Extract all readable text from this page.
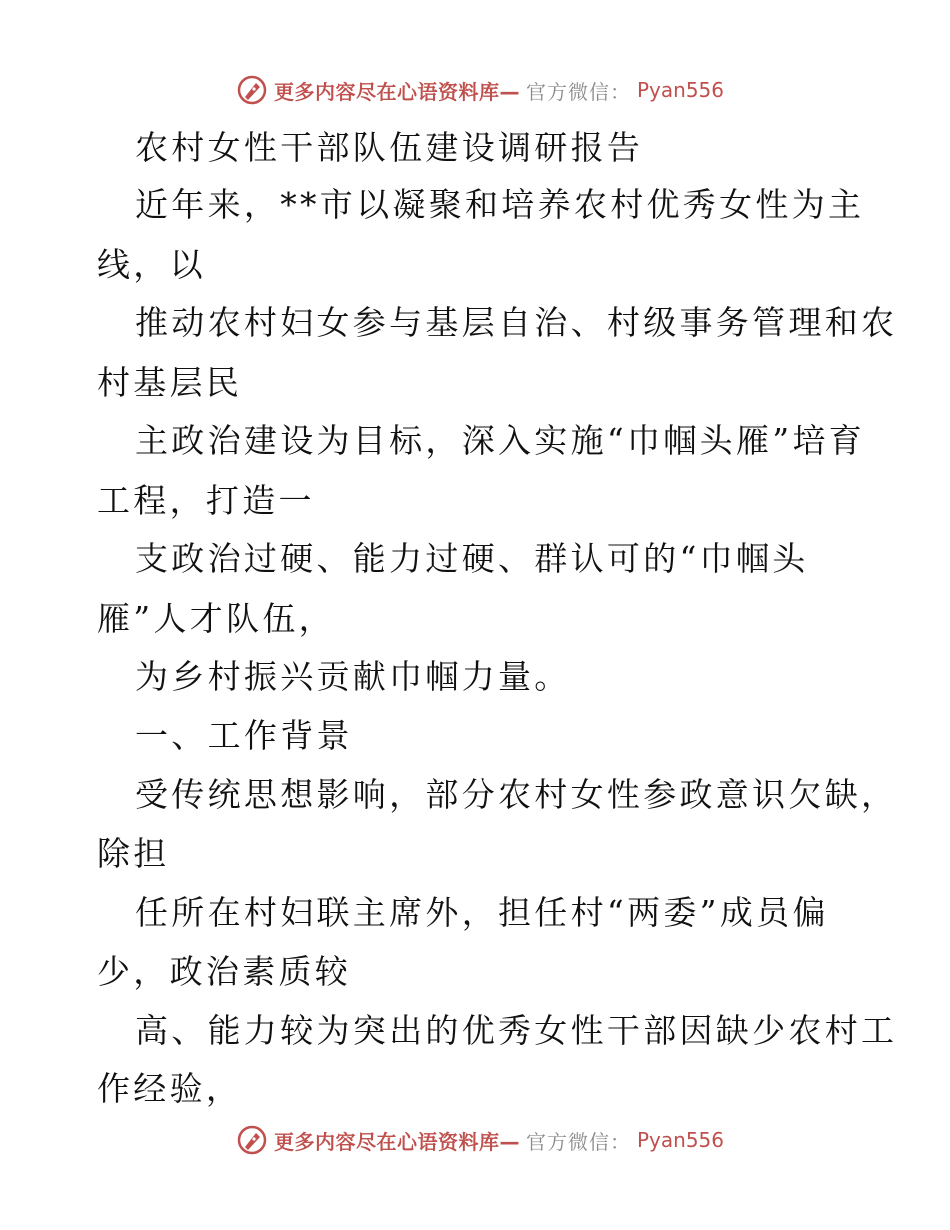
更多内容尽在心语资料库— 官方微信： Pyan556
农村女性干部队伍建设调研报告
近年来，**市以凝聚和培养农村优秀女性为主
线，以
推动农村妇女参与基层自治、村级事务管理和农
村基层民
主政治建设为目标，深入实施“巾帼头雁”培育
工程，打造一
支政治过硬、能力过硬、群认可的“巾帼头
雁”人才队伍，
为乡村振兴贡献巾帼力量。
一、工作背景
受传统思想影响，部分农村女性参政意识欠缺，
除担
任所在村妇联主席外，担任村“两委”成员偏
少，政治素质较
高、能力较为突出的优秀女性干部因缺少农村工
作经验，
更多内容尽在心语资料库— 官方微信： Pyan556
